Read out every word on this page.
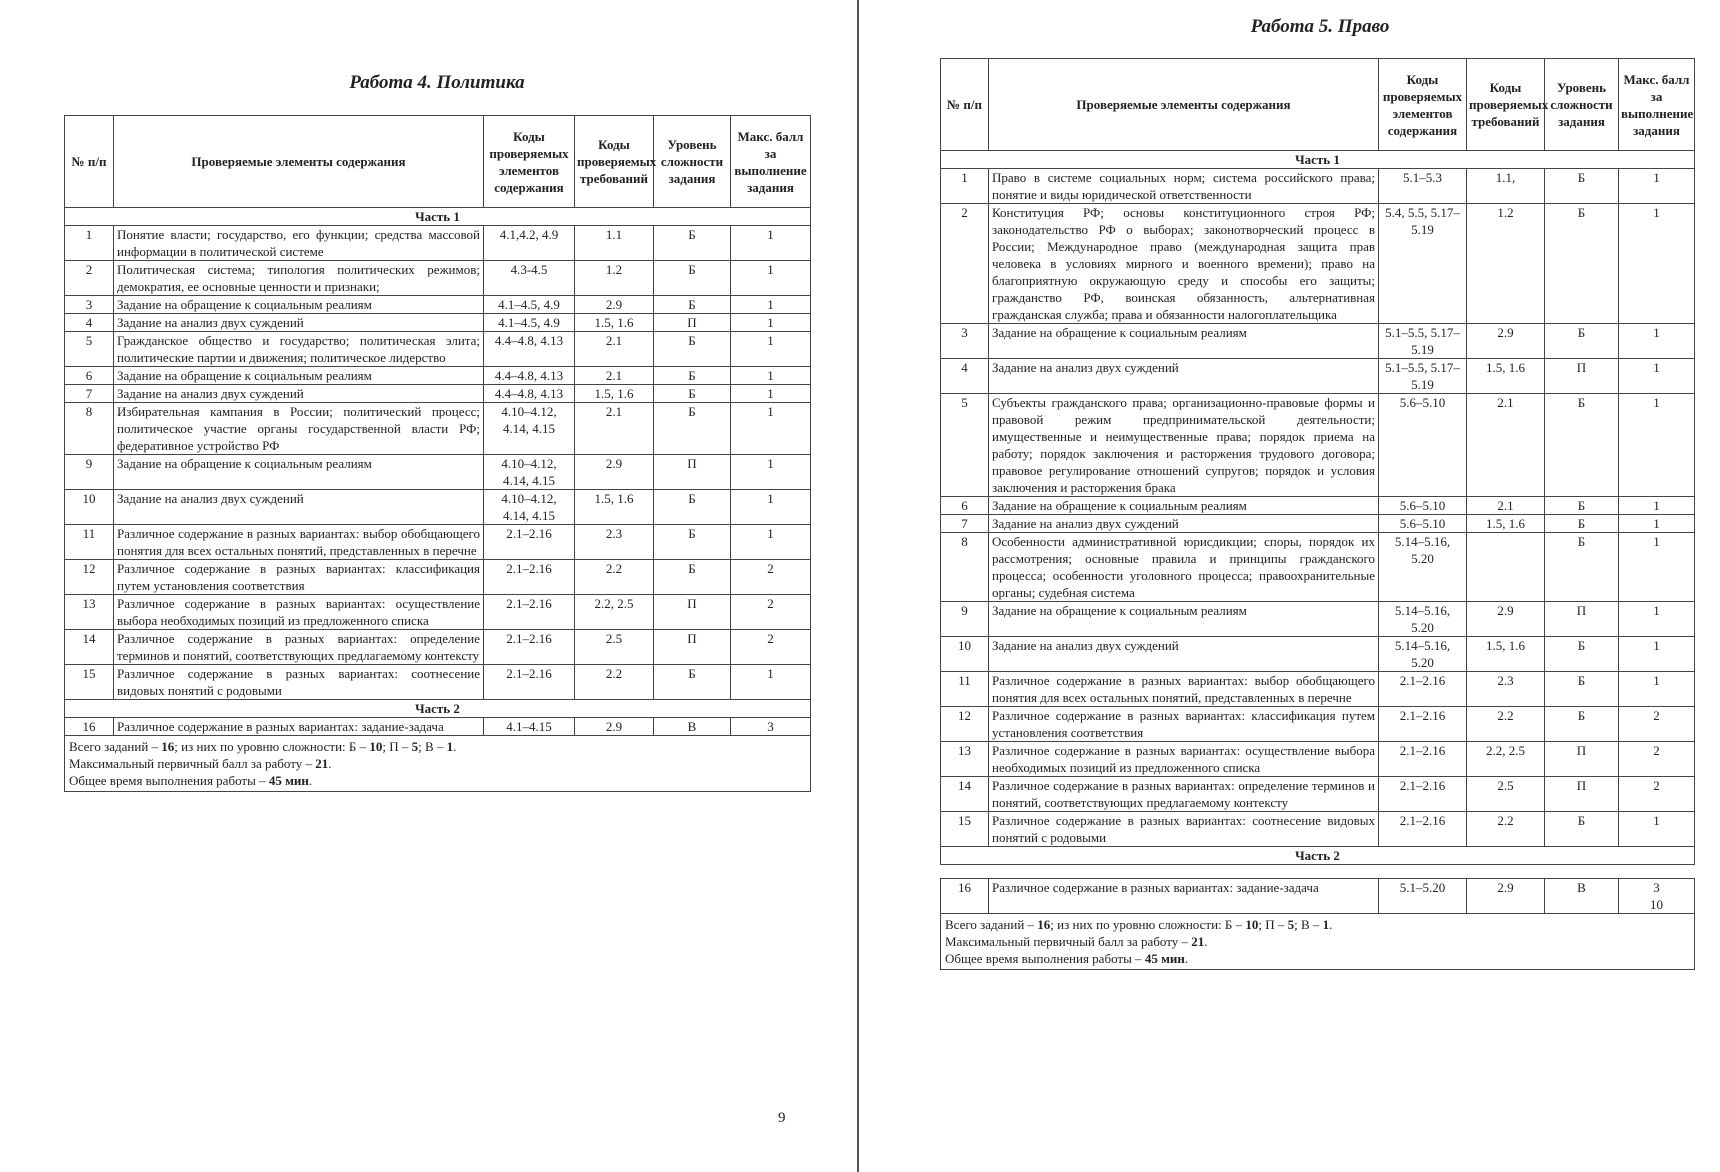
Работа 4. Политика
№ п/п	Проверяемые элементы содержания	Коды проверяемых элементов содержания	Коды проверяемых требований	Уровень сложности задания	Макс. балл за выполнение задания
Часть 1					
1	Понятие власти; государство, его функции; средства массовой информации в политической системе	4.1,4.2, 4.9	1.1	Б	1
2	Политическая система; типология политических режимов; демократия, ее основные ценности и признаки;	4.3-4.5	1.2	Б	1
3	Задание на обращение к социальным реалиям	4.1–4.5, 4.9	2.9	Б	1
4	Задание на анализ двух суждений	4.1–4.5, 4.9	1.5, 1.6	П	1
5	Гражданское общество и государство; политическая элита; политические партии и движения; политическое лидерство	4.4–4.8, 4.13	2.1	Б	1
6	Задание на обращение к социальным реалиям	4.4–4.8, 4.13	2.1	Б	1
7	Задание на анализ двух суждений	4.4–4.8, 4.13	1.5, 1.6	Б	1
8	Избирательная кампания в России; политический процесс; политическое участие органы государственной власти РФ; федеративное устройство РФ	4.10–4.12, 4.14, 4.15	2.1	Б	1
9	Задание на обращение к социальным реалиям	4.10–4.12, 4.14, 4.15	2.9	П	1
10	Задание на анализ двух суждений	4.10–4.12, 4.14, 4.15	1.5, 1.6	Б	1
11	Различное содержание в разных вариантах: выбор обобщающего понятия для всех остальных понятий, представленных в перечне	2.1–2.16	2.3	Б	1
12	Различное содержание в разных вариантах: классификация путем установления соответствия	2.1–2.16	2.2	Б	2
13	Различное содержание в разных вариантах: осуществление выбора необходимых позиций из предложенного списка	2.1–2.16	2.2, 2.5	П	2
14	Различное содержание в разных вариантах: определение терминов и понятий, соответствующих предлагаемому контексту	2.1–2.16	2.5	П	2
15	Различное содержание в разных вариантах: соотнесение видовых понятий с родовыми	2.1–2.16	2.2	Б	1
Часть 2					
16	Различное содержание в разных вариантах: задание-задача	4.1–4.15	2.9	В	3

Всего заданий – 16; из них по уровню сложности: Б – 10; П – 5; В – 1.
Максимальный первичный балл за работу – 21.
Общее время выполнения работы – 45 мин.					
9
Работа 5. Право
№ п/п	Проверяемые элементы содержания	Коды проверяемых элементов содержания	Коды проверяемых требований	Уровень сложности задания	Макс. балл за выполнение задания
Часть 1					
1	Право в системе социальных норм; система российского права; понятие и виды юридической ответственности	5.1–5.3	1.1,	Б	1
2	Конституция РФ; основы конституционного строя РФ; законодательство РФ о выборах; законотворческий процесс в России; Международное право (международная защита прав человека в условиях мирного и военного времени); право на благоприятную окружающую среду и способы его защиты; гражданство РФ, воинская обязанность, альтернативная гражданская служба; права и обязанности налогоплательщика	5.4, 5.5, 5.17–5.19	1.2	Б	1
3	Задание на обращение к социальным реалиям	5.1–5.5, 5.17–5.19	2.9	Б	1
4	Задание на анализ двух суждений	5.1–5.5, 5.17–5.19	1.5, 1.6	П	1
5	Субъекты гражданского права; организационно-правовые формы и правовой режим предпринимательской деятельности; имущественные и неимущественные права; порядок приема на работу; порядок заключения и расторжения трудового договора; правовое регулирование отношений супругов; порядок и условия заключения и расторжения брака	5.6–5.10	2.1	Б	1
6	Задание на обращение к социальным реалиям	5.6–5.10	2.1	Б	1
7	Задание на анализ двух суждений	5.6–5.10	1.5, 1.6	Б	1
8	Особенности административной юрисдикции; споры, порядок их рассмотрения; основные правила и принципы гражданского процесса; особенности уголовного процесса; правоохранительные органы; судебная система	5.14–5.16, 5.20		Б	1
9	Задание на обращение к социальным реалиям	5.14–5.16, 5.20	2.9	П	1
10	Задание на анализ двух суждений	5.14–5.16, 5.20	1.5, 1.6	Б	1
11	Различное содержание в разных вариантах: выбор обобщающего понятия для всех остальных понятий, представленных в перечне	2.1–2.16	2.3	Б	1
12	Различное содержание в разных вариантах: классификация путем установления соответствия	2.1–2.16	2.2	Б	2
13	Различное содержание в разных вариантах: осуществление выбора необходимых позиций из предложенного списка	2.1–2.16	2.2, 2.5	П	2
14	Различное содержание в разных вариантах: определение терминов и понятий, соответствующих предлагаемому контексту	2.1–2.16	2.5	П	2
15	Различное содержание в разных вариантах: соотнесение видовых понятий с родовыми	2.1–2.16	2.2	Б	1
Часть 2					

16	Различное содержание в разных вариантах: задание-задача	5.1–5.20	2.9	В	3
10

Всего заданий – 16; из них по уровню сложности: Б – 10; П – 5; В – 1.
Максимальный первичный балл за работу – 21.
Общее время выполнения работы – 45 мин.					
